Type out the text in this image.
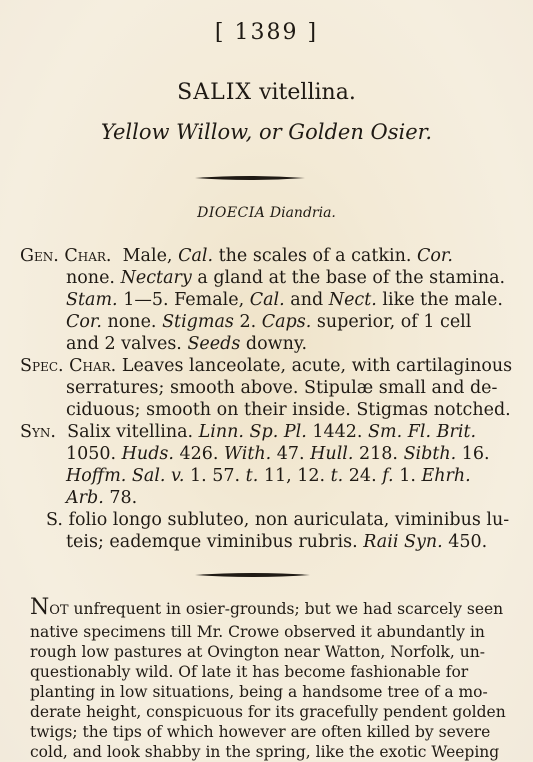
[ 1389 ]
SALIX vitellina.
Yellow Willow, or Golden Osier.
DIOECIA Diandria.
Gen. Char. Male, Cal. the scales of a catkin. Cor.
none. Nectary a gland at the base of the stamina.
Stam. 1—5. Female, Cal. and Nect. like the male.
Cor. none. Stigmas 2. Caps. superior, of 1 cell
and 2 valves. Seeds downy.
Spec. Char. Leaves lanceolate, acute, with cartilaginous
serratures; smooth above. Stipulæ small and de-
ciduous; smooth on their inside. Stigmas notched.
Syn. Salix vitellina. Linn. Sp. Pl. 1442. Sm. Fl. Brit.
1050. Huds. 426. With. 47. Hull. 218. Sibth. 16.
Hoffm. Sal. v. 1. 57. t. 11, 12. t. 24. f. 1. Ehrh.
Arb. 78.
S. folio longo subluteo, non auriculata, viminibus lu-
teis; eademque viminibus rubris. Raii Syn. 450.
NOT unfrequent in osier-grounds; but we had scarcely seen
native specimens till Mr. Crowe observed it abundantly in
rough low pastures at Ovington near Watton, Norfolk, un-
questionably wild. Of late it has become fashionable for
planting in low situations, being a handsome tree of a mo-
derate height, conspicuous for its gracefully pendent golden
twigs; the tips of which however are often killed by severe
cold, and look shabby in the spring, like the exotic Weeping
